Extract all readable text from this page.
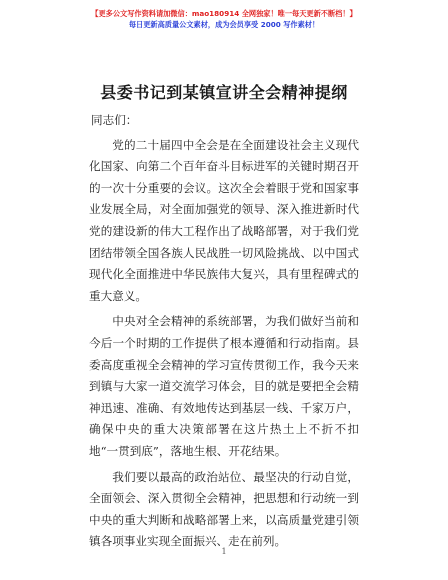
【更多公文写作资料请加微信：mao180914 全网独家！唯一每天更新不断档！】
每日更新高质量公文素材，成为会员享受 2000 写作素材！
县委书记到某镇宣讲全会精神提纲

同志们：

党的二十届四中全会是在全面建设社会主义现代化国家、向第二个百年奋斗目标进军的关键时期召开的一次十分重要的会议。这次全会着眼于党和国家事业发展全局，对全面加强党的领导、深入推进新时代党的建设新的伟大工程作出了战略部署，对于我们党团结带领全国各族人民战胜一切风险挑战、以中国式现代化全面推进中华民族伟大复兴，具有里程碑式的重大意义。

中央对全会精神的系统部署，为我们做好当前和今后一个时期的工作提供了根本遵循和行动指南。县委高度重视全会精神的学习宣传贯彻工作，我今天来到镇与大家一道交流学习体会，目的就是要把全会精神迅速、准确、有效地传达到基层一线、千家万户，确保中央的重大决策部署在这片热土上不折不扣地“一贯到底”，落地生根、开花结果。

我们要以最高的政治站位、最坚决的行动自觉，全面领会、深入贯彻全会精神，把思想和行动统一到中央的重大判断和战略部署上来，以高质量党建引领镇各项事业实现全面振兴、走在前列。

1
